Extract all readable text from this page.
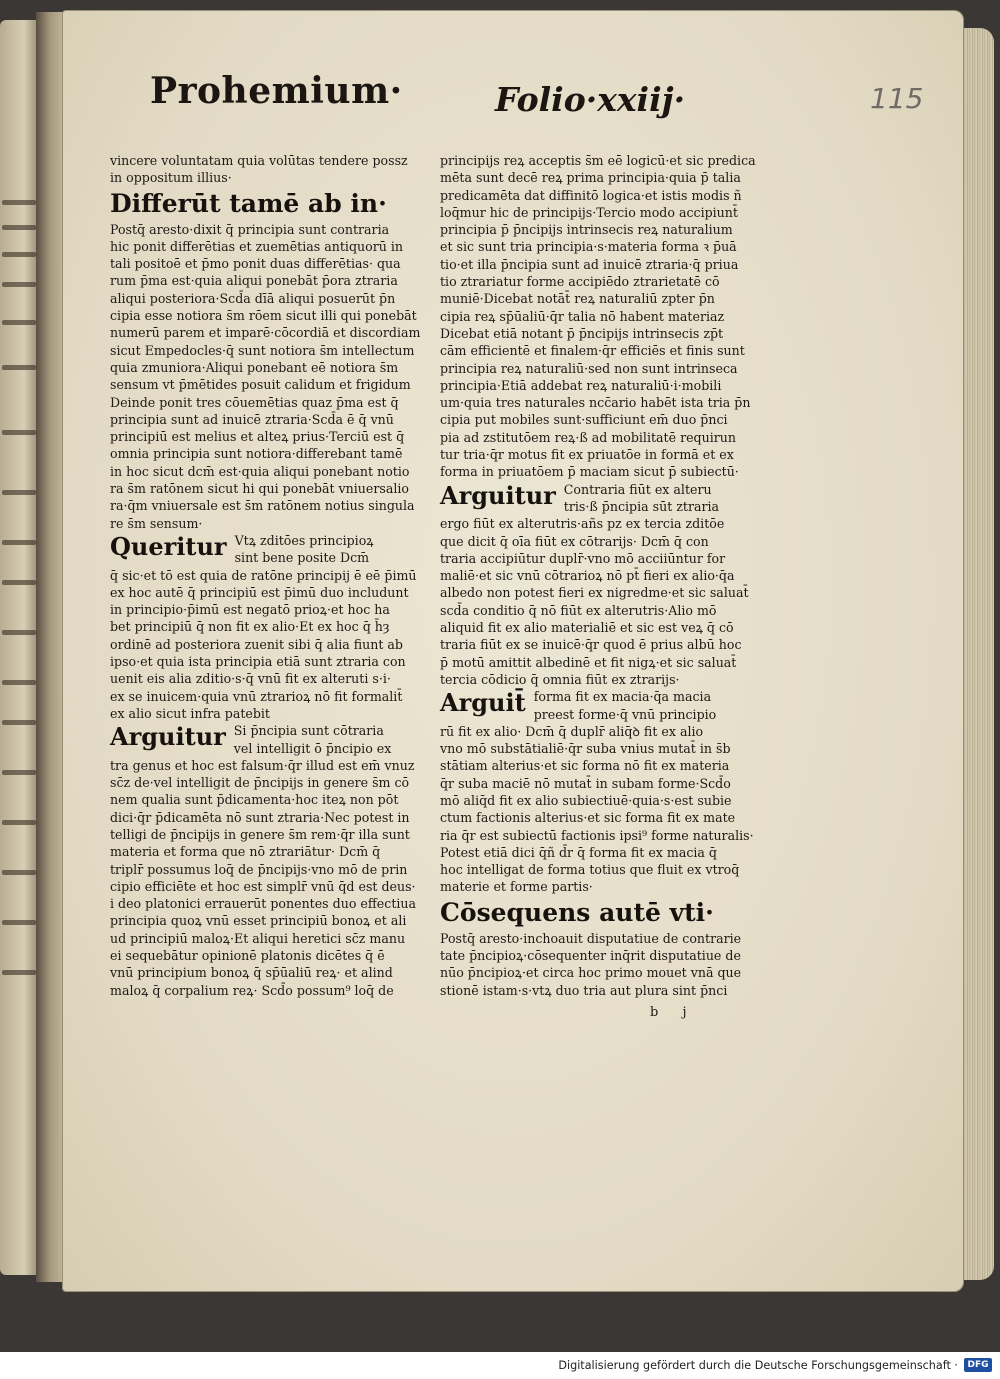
Prohemium·	Folio·xxiij·	115
vincere voluntatam quia volūtas tendere possz
in oppositum illius·
Differūt tamē ab in·
Postq̄ aresto·dixit q̄ principia sunt contraria
hic ponit differētias et zuemētias antiquorū in
tali positoē et p̄mo ponit duas differētias· qua
rum p̄ma est·quia aliqui ponebāt p̄ora ztraria
aliqui posteriora·Scd̄a dīā aliqui posuerūt p̄n
cipia esse notiora s̄m rōem sicut illi qui ponebāt
numerū parem et imparē·cōcordiā et discordiam
sicut Empedocles·q̄ sunt notiora s̄m intellectum
quia zmuniora·Aliqui ponebant eē notiora s̄m
sensum vt p̄mētides posuit calidum et frigidum
Deinde ponit tres cōuemētias quaz p̄ma est q̄
principia sunt ad inuicē ztraria·Scd̄a ē q̄ vnū
principiū est melius et alteꝝ prius·Terciū est q̄
omnia principia sunt notiora·differebant tamē
in hoc sicut dcm̄ est·quia aliqui ponebant notio
ra s̄m ratōnem sicut hi qui ponebāt vniuersalio
ra·q̄m vniuersale est s̄m ratōnem notius singula
re s̄m sensum·
Queritur Vtꝝ zditōes principioꝝ
sint bene posite Dcm̄
q̄ sic·et tō est quia de ratōne principij ē eē p̄imū
ex hoc autē q̄ principiū est p̄imū duo includunt
in principio·p̄imū est negatō prioꝝ·et hoc ha
bet principiū q̄ non fit ex alio·Et ex hoc q̄ h̄ȝ
ordinē ad posteriora zuenit sibi q̄ alia fiunt ab
ipso·et quia ista principia etiā sunt ztraria con
uenit eis alia zditio·s·q̄ vnū fit ex alteruti s·i·
ex se inuicem·quia vnū ztrarioꝝ nō fit formalit̄
ex alio sicut infra patebit
Arguitur Si p̄ncipia sunt cōtraria
vel intelligit ō p̄ncipio ex
tra genus et hoc est falsum·q̄r illud est em̄ vnuz
sc̄z de·vel intelligit de p̄ncipijs in genere s̄m cō
nem qualia sunt p̄dicamenta·hoc iteꝝ non pōt
dici·q̄r p̄dicamēta nō sunt ztraria·Nec potest in
telligi de p̄ncipijs in genere s̄m rem·q̄r illa sunt
materia et forma que nō ztrariātur· Dcm̄ q̄
triplr̄ possumus loq̄ de p̄ncipijs·vno mō de prin
cipio efficiēte et hoc est simplr̄ vnū q̄d est deus·
i deo platonici errauerūt ponentes duo effectiua
principia quoꝝ vnū esset principiū bonoꝝ et ali
ud principiū maloꝝ·Et aliqui heretici sc̄z manu
ei sequebātur opinionē platonis dicētes q̄ ē
vnū principium bonoꝝ q̄ sp̄ūaliū reꝝ· et alind
maloꝝ q̄ corpalium reꝝ· Scd̄o possum⁹ loq̄ de
principijs reꝝ acceptis s̄m eē logicū·et sic predica
mēta sunt decē reꝝ prima principia·quia p̄ talia
predicamēta dat diffinitō logica·et istis modis ñ
loq̄mur hic de principijs·Tercio modo accipiunt̄
principia p̄ p̄ncipijs intrinsecis reꝝ naturalium
et sic sunt tria principia·s·materia forma ꝛ p̄uā
tio·et illa p̄ncipia sunt ad inuicē ztraria·q̄ priua
tio ztrariatur forme accipiēdo ztrarietatē cō
muniē·Dicebat notāt̄ reꝝ naturaliū zpter p̄n
cipia reꝝ sp̄ūaliū·q̄r talia nō habent materiaz
Dicebat etiā notant p̄ p̄ncipijs intrinsecis zp̄t
cām efficientē et finalem·q̄r efficiēs et finis sunt
principia reꝝ naturaliū·sed non sunt intrinseca
principia·Etiā addebat reꝝ naturaliū·i·mobili
um·quia tres naturales ncc̄ario habēt ista tria p̄n
cipia put mobiles sunt·sufficiunt em̄ duo p̄nci
pia ad zstitutōem reꝝ·ß ad mobilitatē requirun
tur tria·q̄r motus fit ex priuatōe in formā et ex
forma in priuatōem p̄ maciam sicut p̄ subiectū·
Arguitur Contraria fiūt ex alteru
tris·ß p̄ncipia sūt ztraria
ergo fiūt ex alterutris·añs pz ex tercia zditōe
que dicit q̄ oīa fiūt ex cōtrarijs· Dcm̄ q̄ con
traria accipiūtur duplr̄·vno mō acciiūntur for
maliē·et sic vnū cōtrarioꝝ nō pt̄ fieri ex alio·q̄a
albedo non potest fieri ex nigredme·et sic saluat̄
scd̄a conditio q̄ nō fiūt ex alterutris·Alio mō
aliquid fit ex alio materialiē et sic est veꝝ q̄ cō
traria fiūt ex se inuicē·q̄r quod ē prius albū hoc
p̄ motū amittit albedinē et fit nigꝝ·et sic saluat̄
tercia cōdicio q̄ omnia fiūt ex ztrarijs·
Arguit̄ forma fit ex macia·q̄a macia
preest forme·q̄ vnū principio
rū fit ex alio· Dcm̄ q̄ duplr̄ aliq̄ꝺ fit ex alio
vno mō substātialiē·q̄r suba vnius mutat̄ in s̄b
stātiam alterius·et sic forma nō fit ex materia
q̄r suba maciē nō mutat̄ in subam forme·Scd̄o
mō aliq̄d fit ex alio subiectiuē·quia·s·est subie
ctum factionis alterius·et sic forma fit ex mate
ria q̄r est subiectū factionis ipsi⁹ forme naturalis·
Potest etiā dici q̄ñ d̄r q̄ forma fit ex macia q̄
hoc intelligat de forma totius que fluit ex vtroq̄
materie et forme partis·
Cōsequens autē vti·
Postq̄ aresto·inchoauit disputatiue de contrarie
tate p̄ncipioꝝ·cōsequenter inq̄rit disputatiue de
nūo p̄ncipioꝝ·et circa hoc primo mouet vnā que
stionē istam·s·vtꝝ duo tria aut plura sint p̄nci
b j
Digitalisierung gefördert durch die Deutsche Forschungsgemeinschaft ·	DFG
